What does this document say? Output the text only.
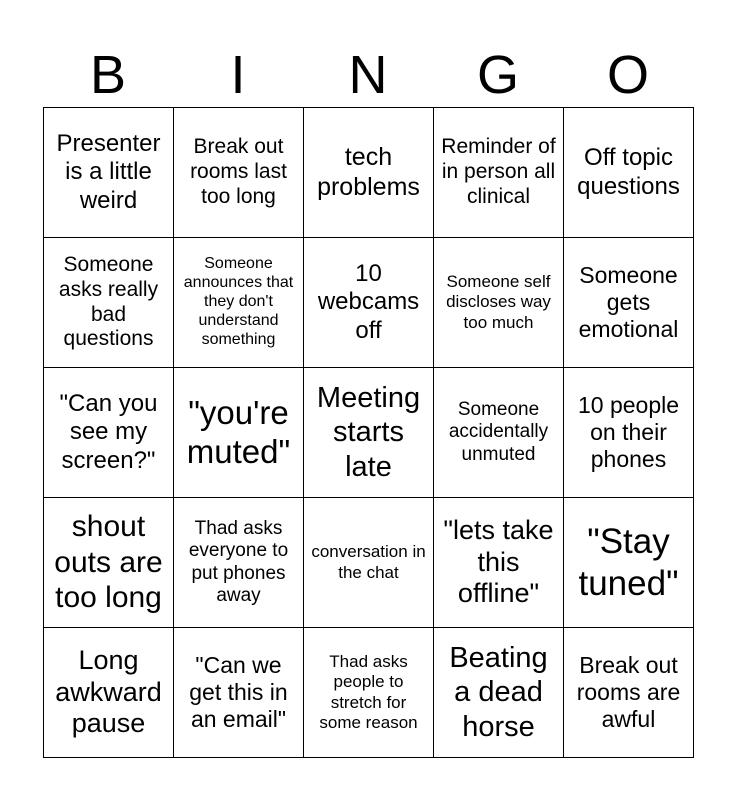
B	I	N	G	O
Presenter is a little weird	Break out rooms last too long	tech problems	Reminder of in person all clinical	Off topic questions
Someone asks really bad questions	Someone announces that they don't understand something	10 webcams off	Someone self discloses way too much	Someone gets emotional
"Can you see my screen?"	"you're muted"	Meeting starts late	Someone accidentally unmuted	10 people on their phones
shout outs are too long	Thad asks everyone to put phones away	conversation in the chat	"lets take this offline"	"Stay tuned"
Long awkward pause	"Can we get this in an email"	Thad asks people to stretch for some reason	Beating a dead horse	Break out rooms are awful
